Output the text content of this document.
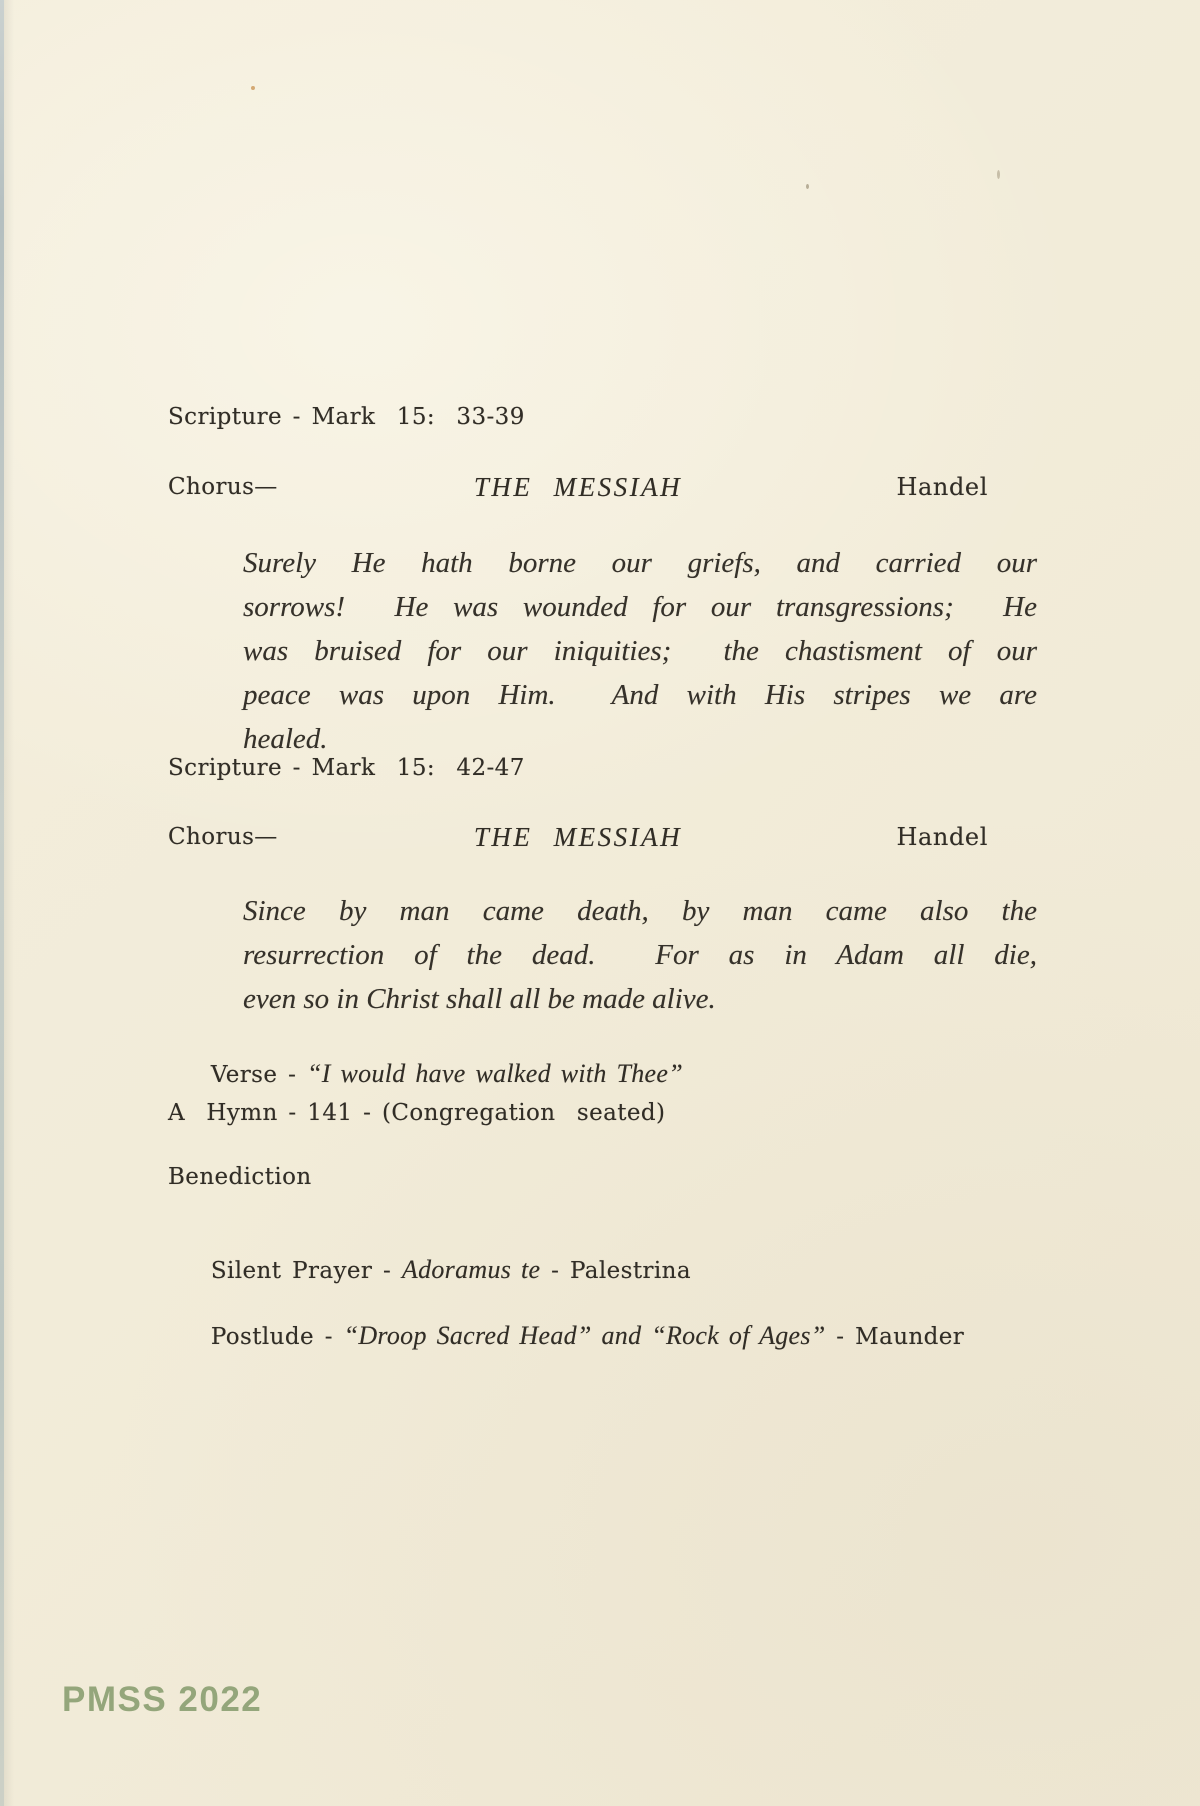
Scripture - Mark  15:  33-39
Chorus—	THE MESSIAH	Handel
Surely He hath borne our griefs, and carried our
sorrows!  He was wounded for our transgressions;  He
was bruised for our iniquities;  the chastisment of our
peace was upon Him.  And with His stripes we are
healed.
Scripture - Mark  15:  42-47
Chorus—	THE MESSIAH	Handel
Since by man came death, by man came also the
resurrection of the dead.  For as in Adam all die,
even so in Christ shall all be made alive.

Verse - “I would have walked with Thee”

A  Hymn - 141 - (Congregation  seated)
Benediction

Silent Prayer - Adoramus te - Palestrina

Postlude - “Droop Sacred Head” and “Rock of Ages” - Maunder

PMSS 2022
